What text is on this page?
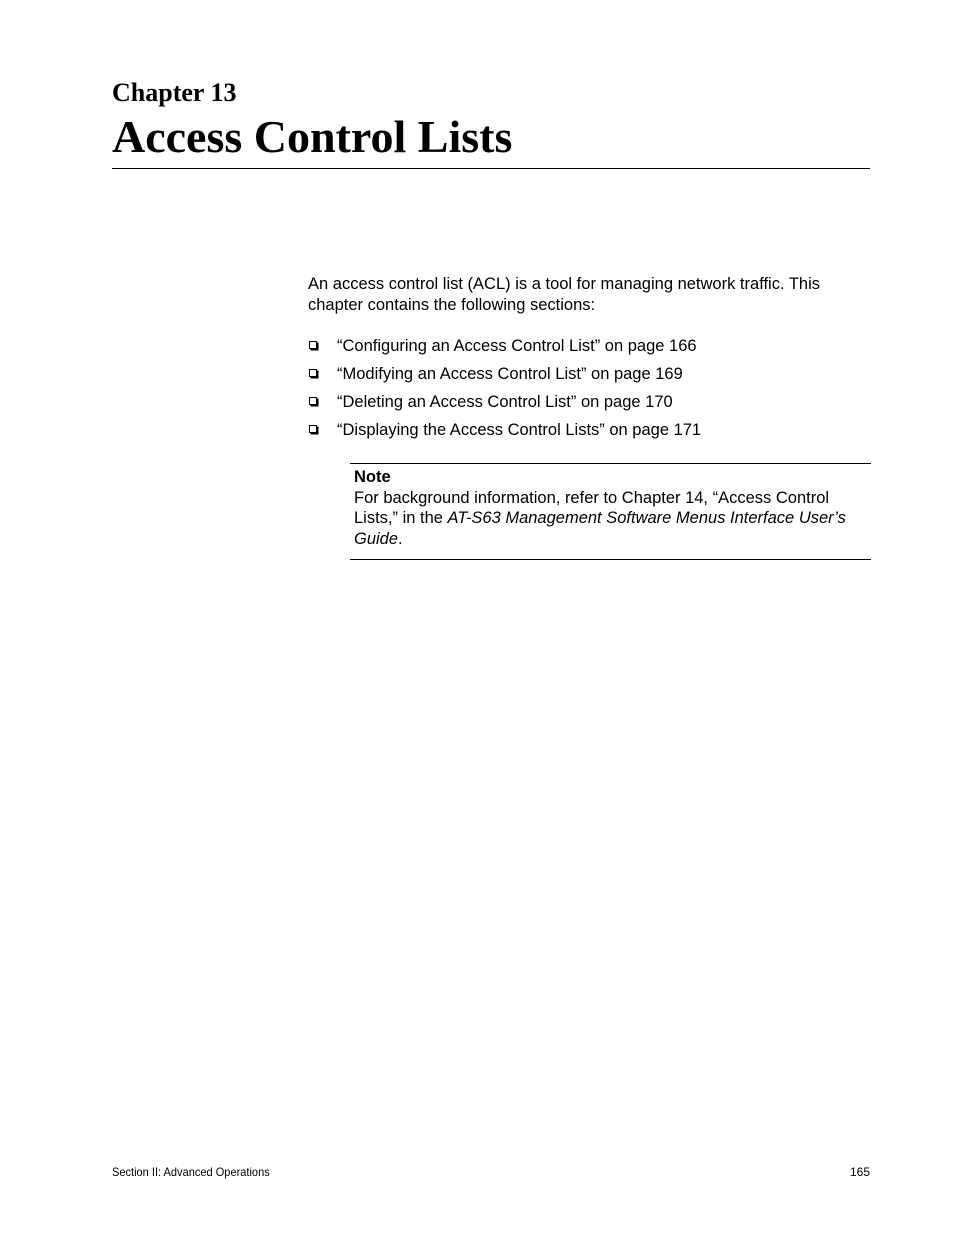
Chapter 13
Access Control Lists

An access control list (ACL) is a tool for managing network traffic. This chapter contains the following sections:

“Configuring an Access Control List” on page 166
“Modifying an Access Control List” on page 169
“Deleting an Access Control List” on page 170
“Displaying the Access Control Lists” on page 171
Note

For background information, refer to Chapter 14, “Access Control Lists,” in the AT-S63 Management Software Menus Interface User’s Guide.

Section II: Advanced Operations	165
